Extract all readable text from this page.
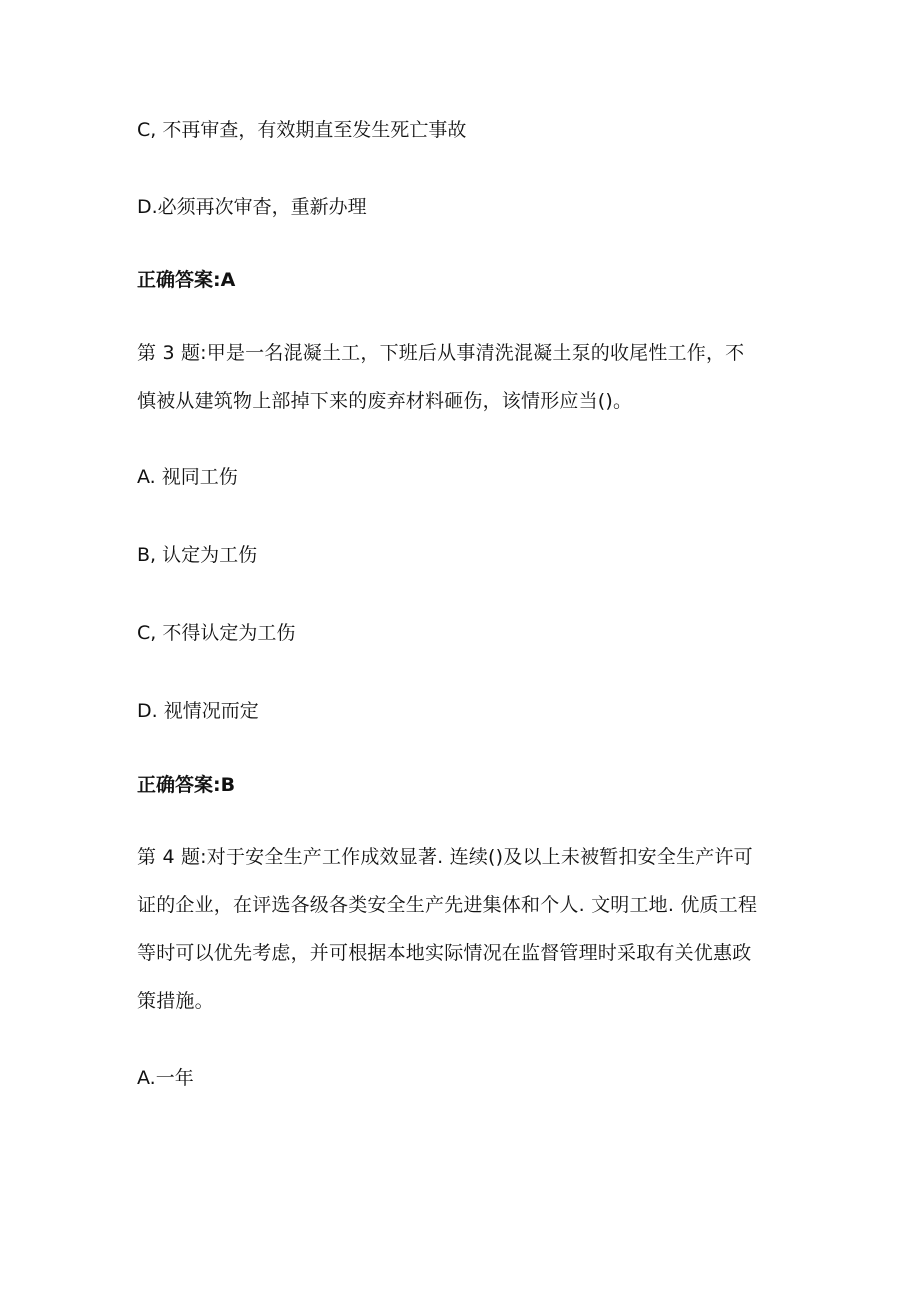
C, 不再审查，有效期直至发生死亡事故
D.必须再次审杳，重新办理
正确答案:A
第 3 题:甲是一名混凝土工，下班后从事清洗混凝土泵的收尾性工作，不
慎被从建筑物上部掉下来的废弃材料砸伤，该情形应当()。
A. 视同工伤
B, 认定为工伤
C, 不得认定为工伤
D. 视情况而定
正确答案:B
第 4 题:对于安全生产工作成效显著. 连续()及以上未被暂扣安全生产许可
证的企业，在评选各级各类安全生产先进集体和个人. 文明工地. 优质工程
等时可以优先考虑，并可根据本地实际情况在监督管理时采取有关优惠政
策措施。
A.一年
